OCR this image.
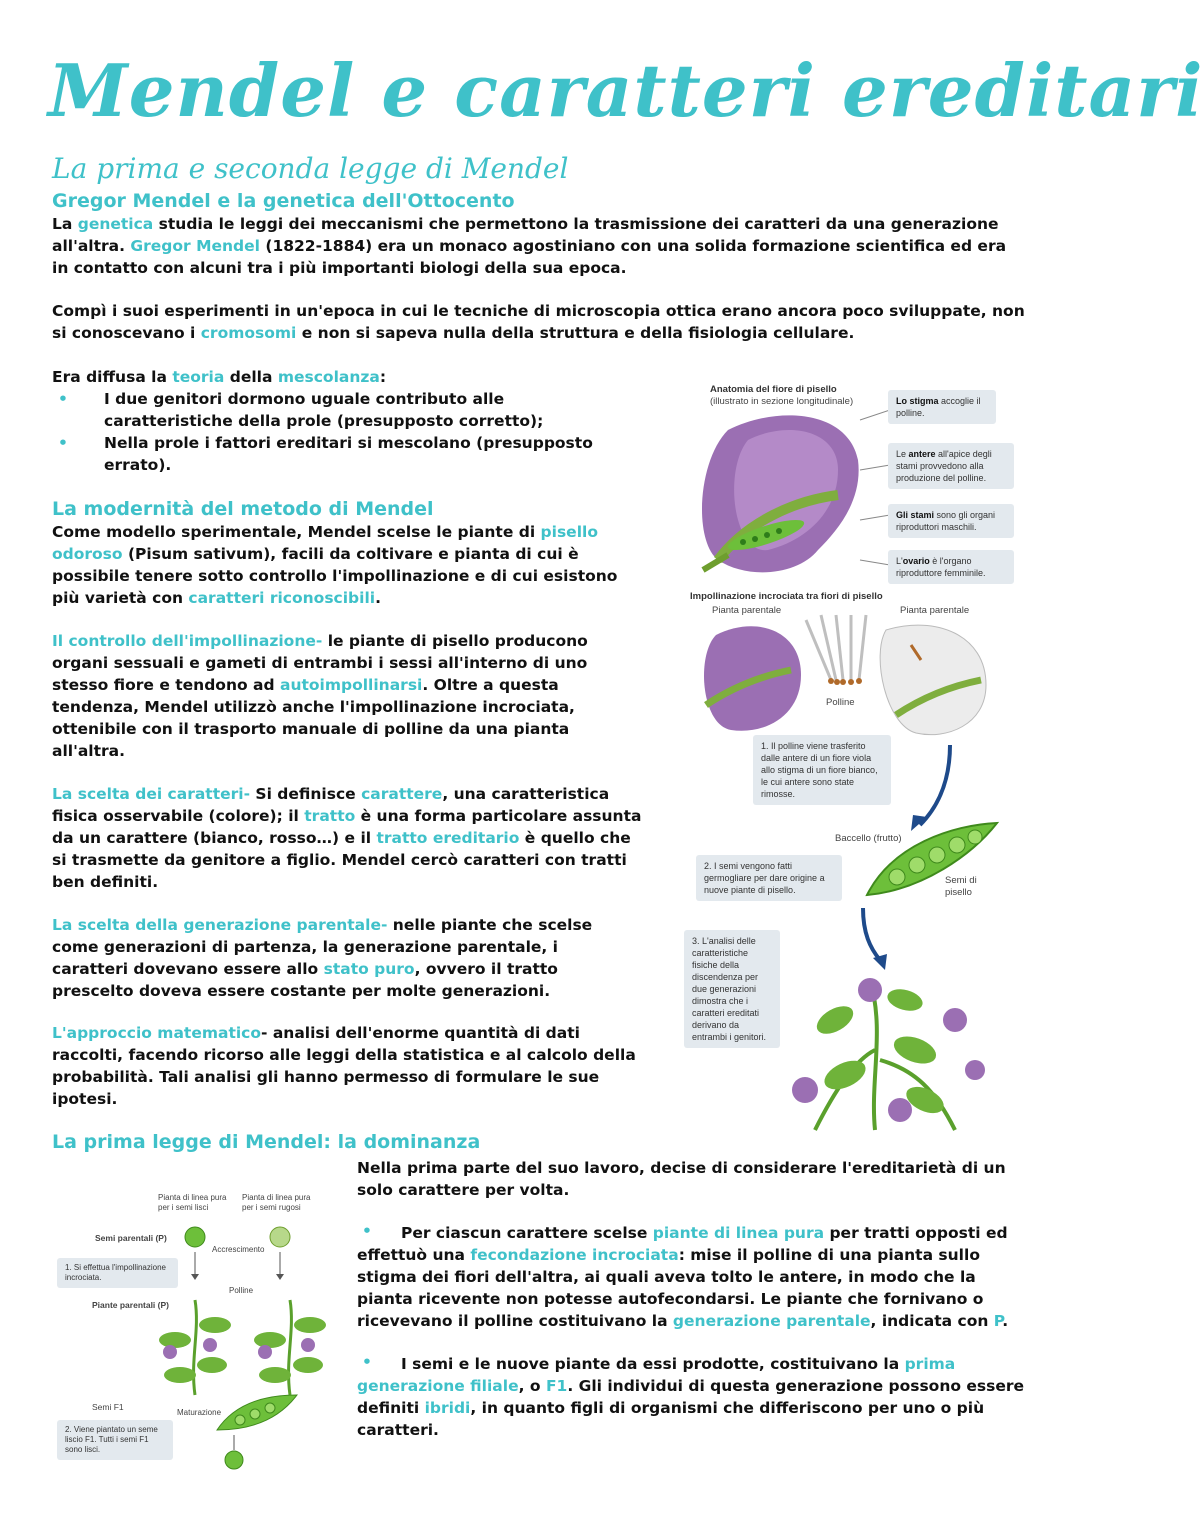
Mendel e caratteri ereditari
La prima e seconda legge di Mendel
Gregor Mendel e la genetica dell'Ottocento
La genetica studia le leggi dei meccanismi che permettono la trasmissione dei caratteri da una generazione all'altra. Gregor Mendel (1822-1884) era un monaco agostiniano con una solida formazione scientifica ed era in contatto con alcuni tra i più importanti biologi della sua epoca.
Compì i suoi esperimenti in un'epoca in cui le tecniche di microscopia ottica erano ancora poco sviluppate, non si conoscevano i cromosomi e non si sapeva nulla della struttura e della fisiologia cellulare.
Era diffusa la teoria della mescolanza:
• I due genitori dormono uguale contributo alle caratteristiche della prole (presupposto corretto);
• Nella prole i fattori ereditari si mescolano (presupposto errato).
La modernità del metodo di Mendel
Come modello sperimentale, Mendel scelse le piante di pisello odoroso (Pisum sativum), facili da coltivare e pianta di cui è possibile tenere sotto controllo l'impollinazione e di cui esistono più varietà con caratteri riconoscibili.
Il controllo dell'impollinazione- le piante di pisello producono organi sessuali e gameti di entrambi i sessi all'interno di uno stesso fiore e tendono ad autoimpollinarsi. Oltre a questa tendenza, Mendel utilizzò anche l'impollinazione incrociata, ottenibile con il trasporto manuale di polline da una pianta all'altra.
La scelta dei caratteri- Si definisce carattere, una caratteristica fisica osservabile (colore); il tratto è una forma particolare assunta da un carattere (bianco, rosso…) e il tratto ereditario è quello che si trasmette da genitore a figlio. Mendel cercò caratteri con tratti ben definiti.
La scelta della generazione parentale- nelle piante che scelse come generazioni di partenza, la generazione parentale, i caratteri dovevano essere allo stato puro, ovvero il tratto prescelto doveva essere costante per molte generazioni.
L'approccio matematico- analisi dell'enorme quantità di dati raccolti, facendo ricorso alle leggi della statistica e al calcolo della probabilità. Tali analisi gli hanno permesso di formulare le sue ipotesi.
La prima legge di Mendel: la dominanza
Nella prima parte del suo lavoro, decise di considerare l'ereditarietà di un solo carattere per volta.
Per ciascun carattere scelse piante di linea pura per tratti opposti ed effettuò una fecondazione incrociata: mise il polline di una pianta sullo stigma dei fiori dell'altra, ai quali aveva tolto le antere, in modo che la pianta ricevente non potesse autofecondarsi. Le piante che fornivano o ricevevano il polline costituivano la generazione parentale, indicata con P.
•
I semi e le nuove piante da essi prodotte, costituivano la prima generazione filiale, o F1. Gli individui di questa generazione possono essere definiti ibridi, in quanto figli di organismi che differiscono per uno o più caratteri.
•
Anatomia del fiore di pisello
(illustrato in sezione longitudinale)	Lo stigma accoglie il polline.
Le antere all'apice degli stami provvedono alla produzione del polline.
Gli stami sono gli organi riproduttori maschili.
L'ovario è l'organo riproduttore femminile.
Impollinazione incrociata tra fiori di pisello
Pianta parentale	Pianta parentale
Polline
1. Il polline viene trasferito dalle antere di un fiore viola allo stigma di un fiore bianco, le cui antere sono state rimosse.
Baccello (frutto)
Semi di pisello
2. I semi vengono fatti germogliare per dare origine a nuove piante di pisello.
3. L'analisi delle caratteristiche fisiche della discendenza per due generazioni dimostra che i caratteri ereditati derivano da entrambi i genitori.
Pianta di linea pura per i semi lisci
Pianta di linea pura per i semi rugosi
Semi parentali (P)
Accrescimento
1. Si effettua l'impollinazione incrociata.
Polline
Piante parentali (P)
Semi F1
Maturazione
2. Viene piantato un seme liscio F1. Tutti i semi F1 sono lisci.
